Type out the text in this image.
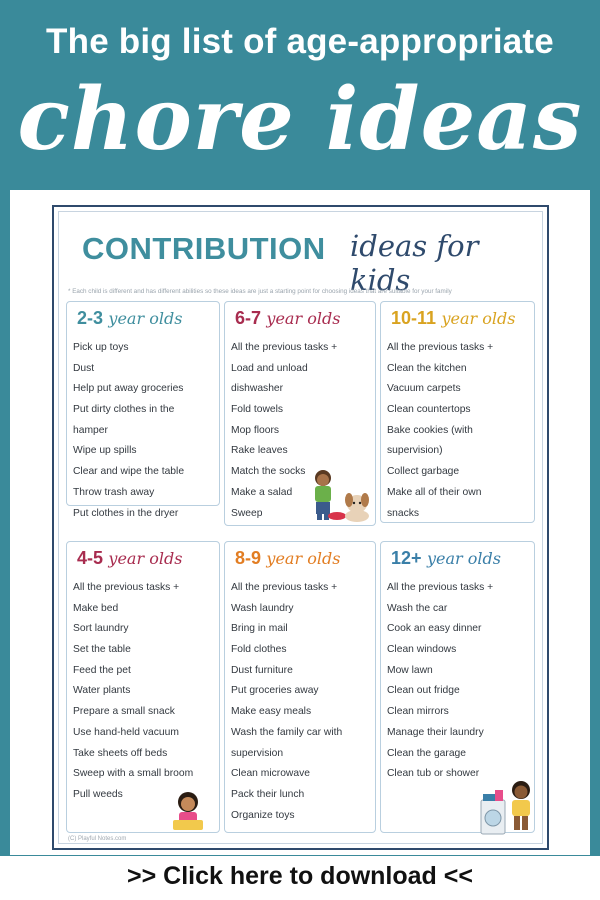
The big list of age-appropriate
chore ideas
CONTRIBUTION ideas for kids
* Each child is different and has different abilities so these ideas are just a starting point for choosing ideas that are suitable for your family
2-3 year olds
Pick up toys
Dust
Help put away groceries
Put dirty clothes in the
hamper
Wipe up spills
Clear and wipe the table
Throw trash away
Put clothes in the dryer
6-7 year olds
All the previous tasks +
Load and unload
dishwasher
Fold towels
Mop floors
Rake leaves
Match the socks
Make a salad
Sweep
10-11 year olds
All the previous tasks +
Clean the kitchen
Vacuum carpets
Clean countertops
Bake cookies (with
supervision)
Collect garbage
Make all of their own
snacks
4-5 year olds
All the previous tasks +
Make bed
Sort laundry
Set the table
Feed the pet
Water plants
Prepare a small snack
Use hand-held vacuum
Take sheets off beds
Sweep with a small broom
Pull weeds
8-9 year olds
All the previous tasks +
Wash laundry
Bring in mail
Fold clothes
Dust furniture
Put groceries away
Make easy meals
Wash the family car with
supervision
Clean microwave
Pack their lunch
Organize toys
12+ year olds
All the previous tasks +
Wash the car
Cook an easy dinner
Clean windows
Mow lawn
Clean out fridge
Clean mirrors
Manage their laundry
Clean the garage
Clean tub or shower
(C) Playful Notes.com
>> Click here to download <<
